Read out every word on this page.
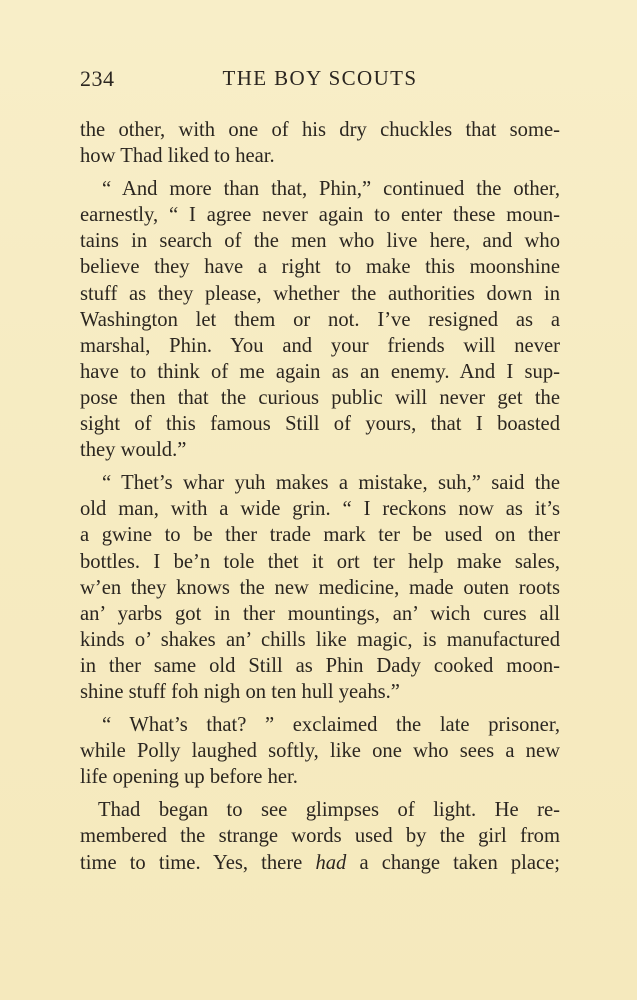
234	THE BOY SCOUTS
the other, with one of his dry chuckles that some-
how Thad liked to hear.
“ And more than that, Phin,” continued the other,
earnestly, “ I agree never again to enter these moun-
tains in search of the men who live here, and who
believe they have a right to make this moonshine
stuff as they please, whether the authorities down in
Washington let them or not. I’ve resigned as a
marshal, Phin. You and your friends will never
have to think of me again as an enemy. And I sup-
pose then that the curious public will never get the
sight of this famous Still of yours, that I boasted
they would.”
“ Thet’s whar yuh makes a mistake, suh,” said the
old man, with a wide grin. “ I reckons now as it’s
a gwine to be ther trade mark ter be used on ther
bottles. I be’n tole thet it ort ter help make sales,
w’en they knows the new medicine, made outen roots
an’ yarbs got in ther mountings, an’ wich cures all
kinds o’ shakes an’ chills like magic, is manufactured
in ther same old Still as Phin Dady cooked moon-
shine stuff foh nigh on ten hull yeahs.”
“ What’s that? ” exclaimed the late prisoner,
while Polly laughed softly, like one who sees a new
life opening up before her.
Thad began to see glimpses of light. He re-
membered the strange words used by the girl from
time to time. Yes, there had a change taken place;
